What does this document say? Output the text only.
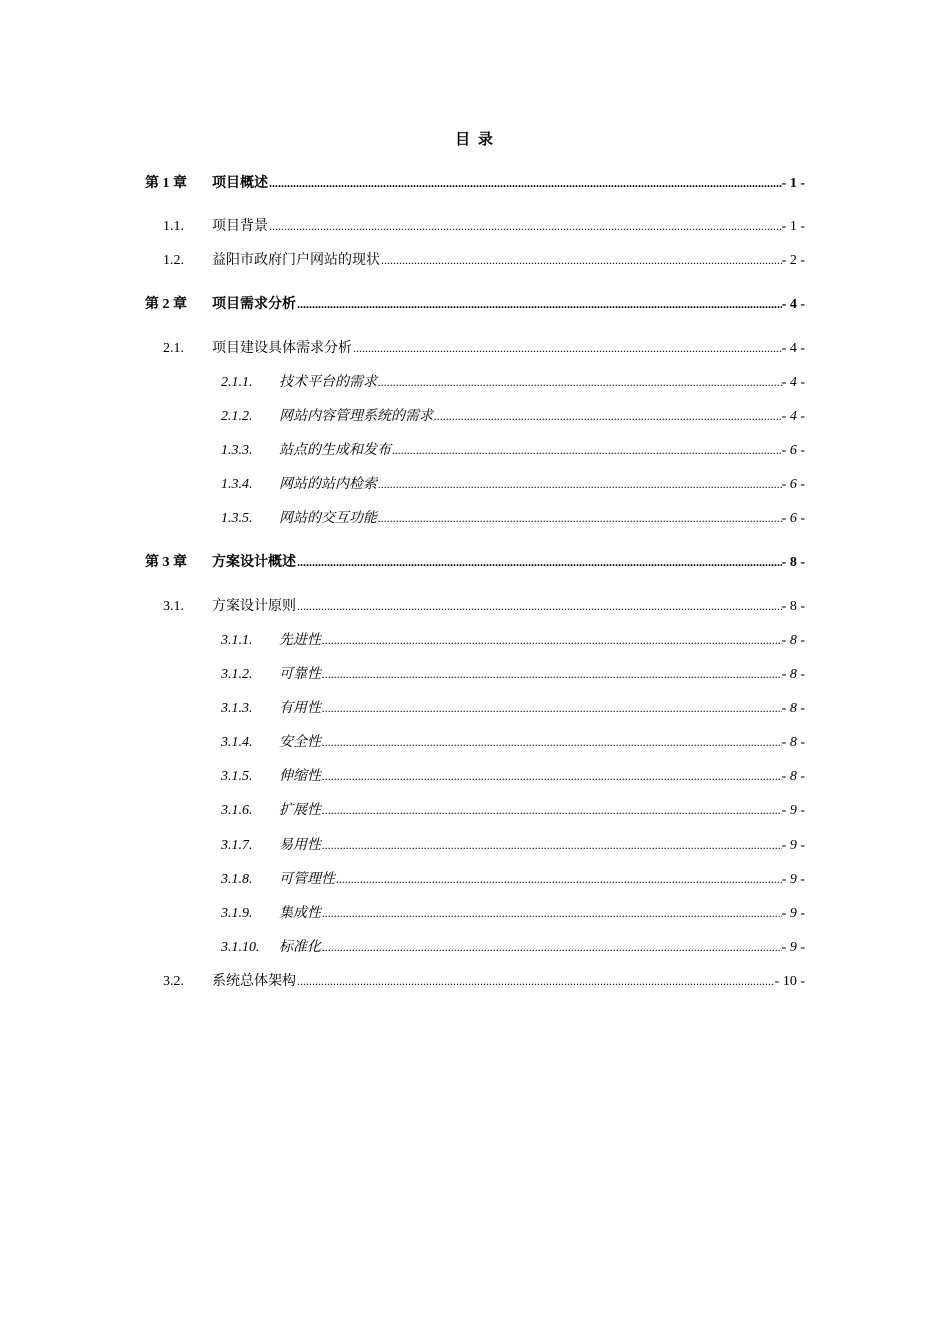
目 录
第 1 章	项目概述 .....	- 1 -
1.1.	项目背景 .....	- 1 -
1.2.	益阳市政府门户网站的现状 .....	- 2 -
第 2 章	项目需求分析 .....	- 4 -
2.1.	项目建设具体需求分析 .....	- 4 -
2.1.1.	技术平台的需求 .....	- 4 -
2.1.2.	网站内容管理系统的需求 .....	- 4 -
1.3.3.	站点的生成和发布 .....	- 6 -
1.3.4.	网站的站内检索 .....	- 6 -
1.3.5.	网站的交互功能 .....	- 6 -
第 3 章	方案设计概述 .....	- 8 -
3.1.	方案设计原则 .....	- 8 -
3.1.1.	先进性 .....	- 8 -
3.1.2.	可靠性 .....	- 8 -
3.1.3.	有用性 .....	- 8 -
3.1.4.	安全性 .....	- 8 -
3.1.5.	伸缩性 .....	- 8 -
3.1.6.	扩展性 .....	- 9 -
3.1.7.	易用性 .....	- 9 -
3.1.8.	可管理性 .....	- 9 -
3.1.9.	集成性 .....	- 9 -
3.1.10.	标准化 .....	- 9 -
3.2.	系统总体架构 .....	- 10 -
